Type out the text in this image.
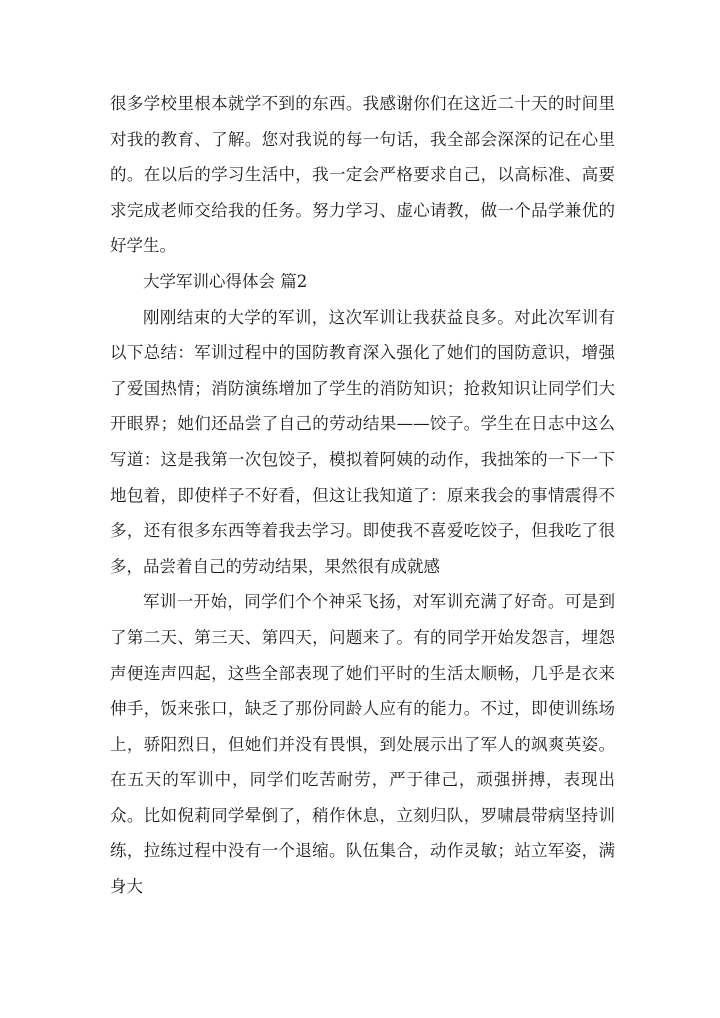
很多学校里根本就学不到的东西。我感谢你们在这近二十天的时间里对我的教育、了解。您对我说的每一句话，我全部会深深的记在心里的。在以后的学习生活中，我一定会严格要求自己，以高标准、高要求完成老师交给我的任务。努力学习、虚心请教，做一个品学兼优的好学生。

大学军训心得体会 篇2

刚刚结束的大学的军训，这次军训让我获益良多。对此次军训有以下总结：军训过程中的国防教育深入强化了她们的国防意识，增强了爱国热情；消防演练增加了学生的消防知识；抢救知识让同学们大开眼界；她们还品尝了自己的劳动结果——饺子。学生在日志中这么写道：这是我第一次包饺子，模拟着阿姨的动作，我拙笨的一下一下地包着，即使样子不好看，但这让我知道了：原来我会的事情震得不多，还有很多东西等着我去学习。即使我不喜爱吃饺子，但我吃了很多，品尝着自己的劳动结果，果然很有成就感

军训一开始，同学们个个神采飞扬，对军训充满了好奇。可是到了第二天、第三天、第四天，问题来了。有的同学开始发怨言，埋怨声便连声四起，这些全部表现了她们平时的生活太顺畅，几乎是衣来伸手，饭来张口，缺乏了那份同龄人应有的能力。不过，即使训练场上，骄阳烈日，但她们并没有畏惧，到处展示出了军人的飒爽英姿。在五天的军训中，同学们吃苦耐劳，严于律己，顽强拼搏，表现出众。比如倪莉同学晕倒了，稍作休息，立刻归队，罗啸晨带病坚持训练，拉练过程中没有一个退缩。队伍集合，动作灵敏；站立军姿，满身大
